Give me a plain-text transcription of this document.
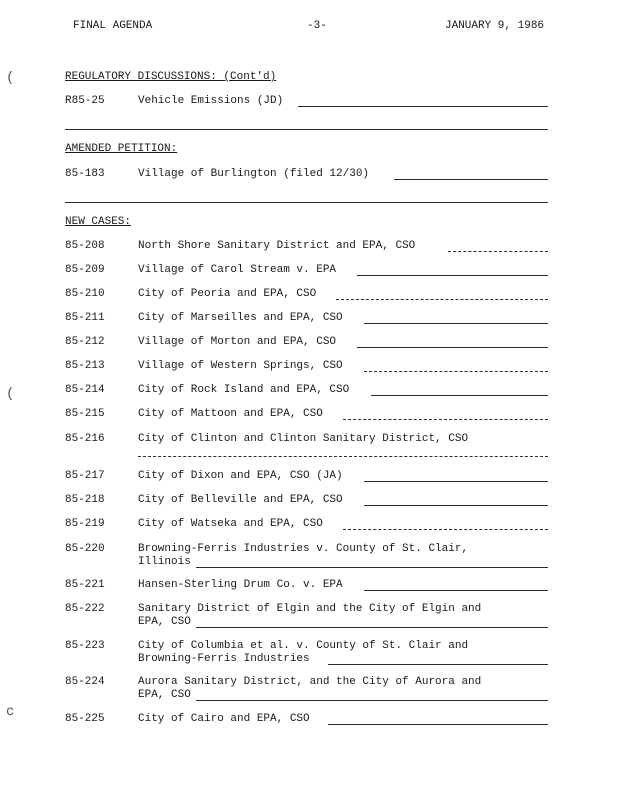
FINAL AGENDA	-3-	JANUARY 9, 1986
(
(
c
REGULATORY DISCUSSIONS: (Cont'd)
R85-25	Vehicle Emissions (JD)
AMENDED PETITION:
85-183	Village of Burlington (filed 12/30)
NEW CASES:
85-208	North Shore Sanitary District and EPA, CSO
85-209	Village of Carol Stream v. EPA
85-210	City of Peoria and EPA, CSO
85-211	City of Marseilles and EPA, CSO
85-212	Village of Morton and EPA, CSO
85-213	Village of Western Springs, CSO
85-214	City of Rock Island and EPA, CSO
85-215	City of Mattoon and EPA, CSO
85-216	City of Clinton and Clinton Sanitary District, CSO
85-217	City of Dixon and EPA, CSO (JA)
85-218	City of Belleville and EPA, CSO
85-219	City of Watseka and EPA, CSO
85-220	Browning-Ferris Industries v. County of St. Clair,
Illinois
85-221	Hansen-Sterling Drum Co. v. EPA
85-222	Sanitary District of Elgin and the City of Elgin and
EPA, CSO
85-223	City of Columbia et al. v. County of St. Clair and
Browning-Ferris Industries
85-224	Aurora Sanitary District, and the City of Aurora and
EPA, CSO
85-225	City of Cairo and EPA, CSO
